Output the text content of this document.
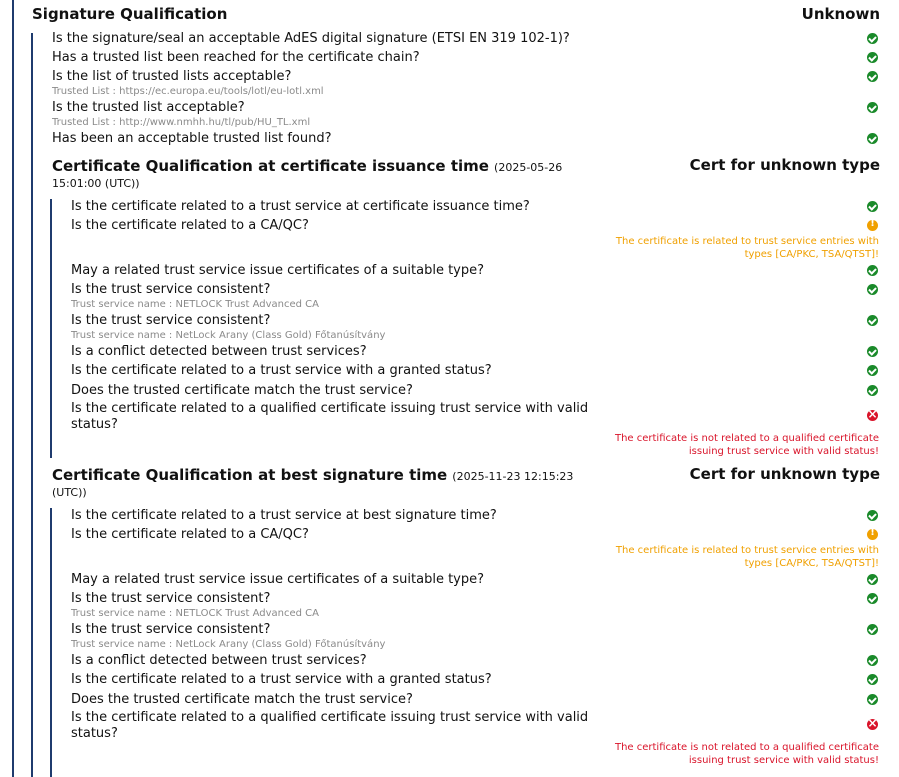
Signature Qualification	Unknown
Is the signature/seal an acceptable AdES digital signature (ETSI EN 319 102-1)?
Has a trusted list been reached for the certificate chain?
Is the list of trusted lists acceptable?
Trusted List : https://ec.europa.eu/tools/lotl/eu-lotl.xml
Is the trusted list acceptable?
Trusted List : http://www.nmhh.hu/tl/pub/HU_TL.xml
Has been an acceptable trusted list found?
Certificate Qualification at certificate issuance time (2025-05-26
15:01:00 (UTC))
Cert for unknown type
Is the certificate related to a trust service at certificate issuance time?
Is the certificate related to a CA/QC?
!
The certificate is related to trust service entries with
types [CA/PKC, TSA/QTST]!
May a related trust service issue certificates of a suitable type?
Is the trust service consistent?
Trust service name : NETLOCK Trust Advanced CA
Is the trust service consistent?
Trust service name : NetLock Arany (Class Gold) Főtanúsítvány
Is a conflict detected between trust services?
Is the certificate related to a trust service with a granted status?
Does the trusted certificate match the trust service?
Is the certificate related to a qualified certificate issuing trust service with valid
status?
×
The certificate is not related to a qualified certificate
issuing trust service with valid status!
Certificate Qualification at best signature time (2025-11-23 12:15:23
(UTC))
Cert for unknown type
Is the certificate related to a trust service at best signature time?
Is the certificate related to a CA/QC?
!
The certificate is related to trust service entries with
types [CA/PKC, TSA/QTST]!
May a related trust service issue certificates of a suitable type?
Is the trust service consistent?
Trust service name : NETLOCK Trust Advanced CA
Is the trust service consistent?
Trust service name : NetLock Arany (Class Gold) Főtanúsítvány
Is a conflict detected between trust services?
Is the certificate related to a trust service with a granted status?
Does the trusted certificate match the trust service?
Is the certificate related to a qualified certificate issuing trust service with valid
status?
×
The certificate is not related to a qualified certificate
issuing trust service with valid status!
